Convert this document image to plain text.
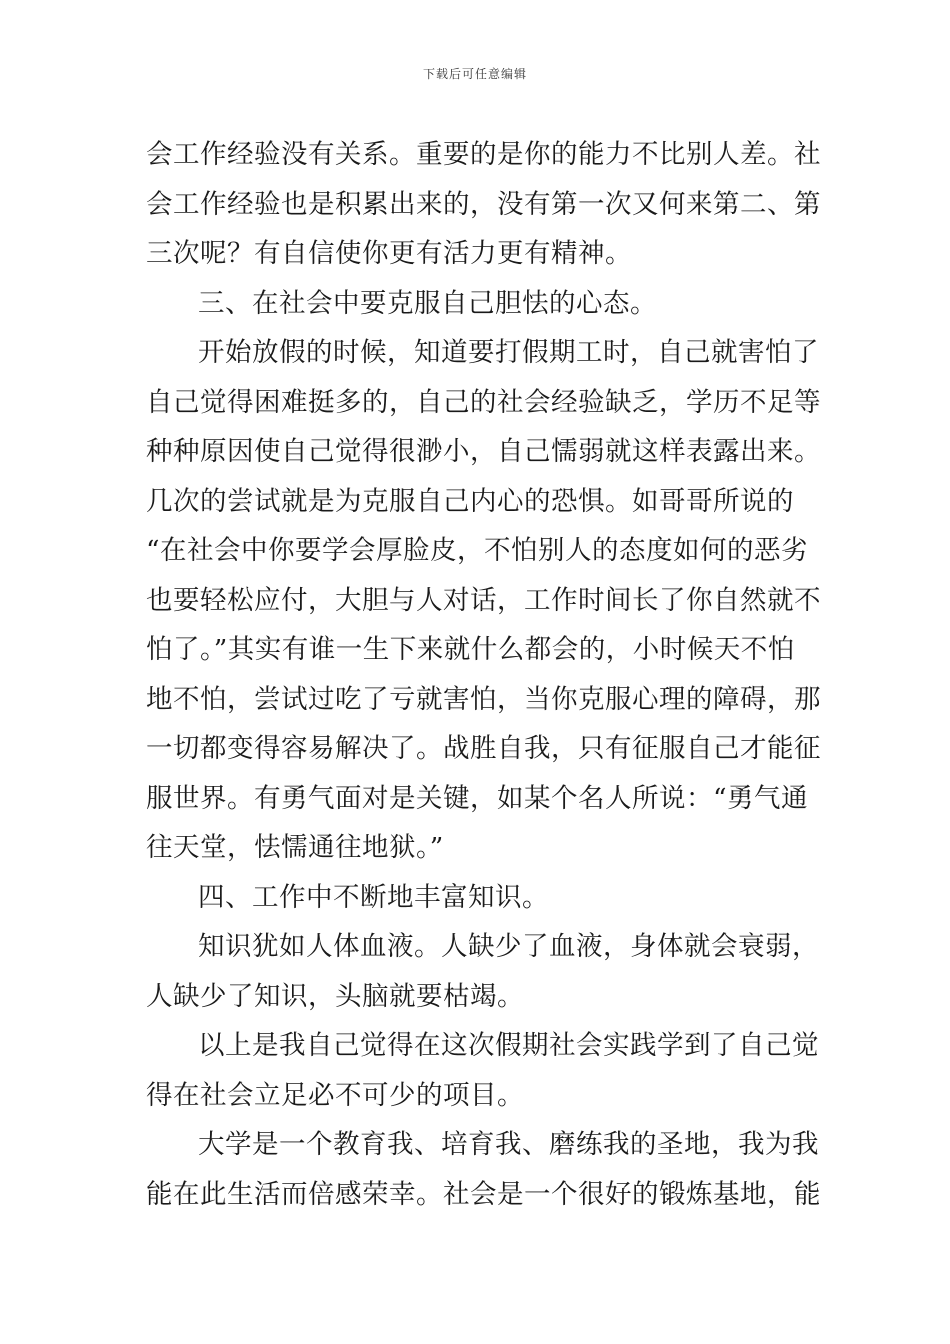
下载后可任意编辑
会工作经验没有关系。重要的是你的能力不比别人差。社
会工作经验也是积累出来的，没有第一次又何来第二、第
三次呢？有自信使你更有活力更有精神。
三、在社会中要克服自己胆怯的心态。
开始放假的时候，知道要打假期工时，自己就害怕了
自己觉得困难挺多的，自己的社会经验缺乏，学历不足等
种种原因使自己觉得很渺小，自己懦弱就这样表露出来。
几次的尝试就是为克服自己内心的恐惧。如哥哥所说的
“在社会中你要学会厚脸皮，不怕别人的态度如何的恶劣
也要轻松应付，大胆与人对话，工作时间长了你自然就不
怕了。”其实有谁一生下来就什么都会的，小时候天不怕
地不怕，尝试过吃了亏就害怕，当你克服心理的障碍，那
一切都变得容易解决了。战胜自我，只有征服自己才能征
服世界。有勇气面对是关键，如某个名人所说：“勇气通
往天堂，怯懦通往地狱。”
四、工作中不断地丰富知识。
知识犹如人体血液。人缺少了血液，身体就会衰弱，
人缺少了知识，头脑就要枯竭。
以上是我自己觉得在这次假期社会实践学到了自己觉
得在社会立足必不可少的项目。
大学是一个教育我、培育我、磨练我的圣地，我为我
能在此生活而倍感荣幸。社会是一个很好的锻炼基地，能
